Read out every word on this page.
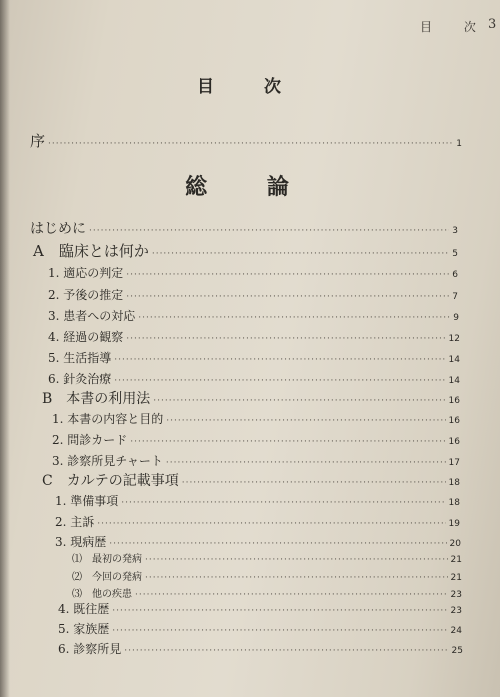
目 次
3
目 次
序 ·····	1
総 論
はじめに ·····	3
A　臨床とは何か ·····	5
1. 適応の判定 ·····	6
2. 予後の推定 ·····	7
3. 患者への対応 ·····	9
4. 経過の観察 ·····	12
5. 生活指導 ·····	14
6. 針灸治療 ·····	14
B　本書の利用法 ·····	16
1. 本書の内容と目的 ·····	16
2. 問診カード ·····	16
3. 診察所見チャート ·····	17
C　カルテの記載事項 ·····	18
1. 準備事項 ·····	18
2. 主訴 ·····	19
3. 現病歴 ·····	20
⑴　最初の発病 ·····	21
⑵　今回の発病 ·····	21
⑶　他の疾患 ·····	23
4. 既往歴 ·····	23
5. 家族歴 ·····	24
6. 診察所見 ·····	25
